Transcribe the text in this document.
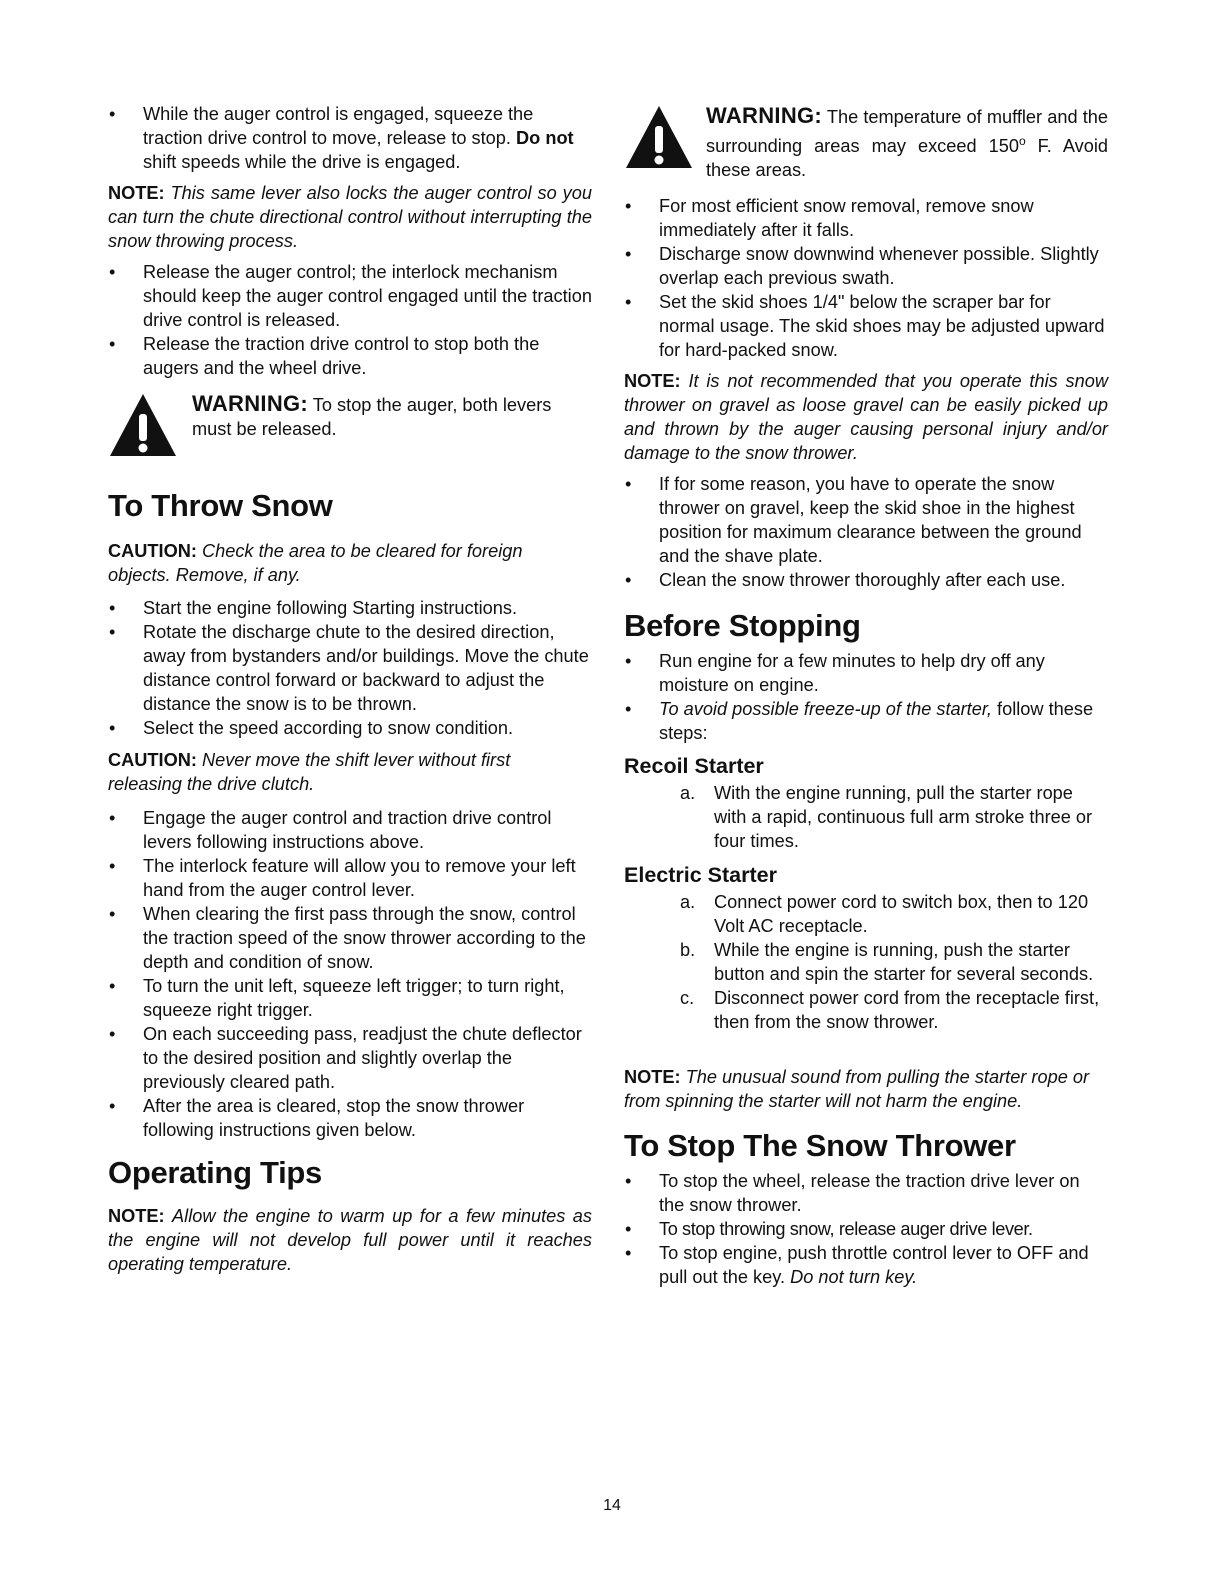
• While the auger control is engaged, squeeze the traction drive control to move, release to stop. Do not shift speeds while the drive is engaged.

NOTE: This same lever also locks the auger control so you can turn the chute directional control without interrupting the snow throwing process.

• Release the auger control; the interlock mechanism should keep the auger control engaged until the traction drive control is released.
• Release the traction drive control to stop both the augers and the wheel drive.
WARNING: To stop the auger, both levers must be released.
To Throw Snow

CAUTION: Check the area to be cleared for foreign objects. Remove, if any.

• Start the engine following Starting instructions.
• Rotate the discharge chute to the desired direction, away from bystanders and/or buildings. Move the chute distance control forward or backward to adjust the distance the snow is to be thrown.
• Select the speed according to snow condition.

CAUTION: Never move the shift lever without first releasing the drive clutch.

• Engage the auger control and traction drive control levers following instructions above.
• The interlock feature will allow you to remove your left hand from the auger control lever.
• When clearing the first pass through the snow, control the traction speed of the snow thrower according to the depth and condition of snow.
• To turn the unit left, squeeze left trigger; to turn right, squeeze right trigger.
• On each succeeding pass, readjust the chute deflector to the desired position and slightly overlap the previously cleared path.
• After the area is cleared, stop the snow thrower following instructions given below.
Operating Tips

NOTE: Allow the engine to warm up for a few minutes as the engine will not develop full power until it reaches operating temperature.

WARNING: The temperature of muffler and the surrounding areas may exceed 150$^o$ F. Avoid these areas.
• For most efficient snow removal, remove snow immediately after it falls.
• Discharge snow downwind whenever possible. Slightly overlap each previous swath.
• Set the skid shoes 1/4" below the scraper bar for normal usage. The skid shoes may be adjusted upward for hard-packed snow.

NOTE: It is not recommended that you operate this snow thrower on gravel as loose gravel can be easily picked up and thrown by the auger causing personal injury and/or damage to the snow thrower.

• If for some reason, you have to operate the snow thrower on gravel, keep the skid shoe in the highest position for maximum clearance between the ground and the shave plate.
• Clean the snow thrower thoroughly after each use.
Before Stopping
• Run engine for a few minutes to help dry off any moisture on engine.
• To avoid possible freeze-up of the starter, follow these steps:
Recoil Starter
a. With the engine running, pull the starter rope with a rapid, continuous full arm stroke three or four times.
Electric Starter
a. Connect power cord to switch box, then to 120 Volt AC receptacle.
b. While the engine is running, push the starter button and spin the starter for several seconds.
c. Disconnect power cord from the receptacle first, then from the snow thrower.

NOTE: The unusual sound from pulling the starter rope or from spinning the starter will not harm the engine.

To Stop The Snow Thrower
• To stop the wheel, release the traction drive lever on the snow thrower.
• To stop throwing snow, release auger drive lever.
• To stop engine, push throttle control lever to OFF and pull out the key. Do not turn key.
14
